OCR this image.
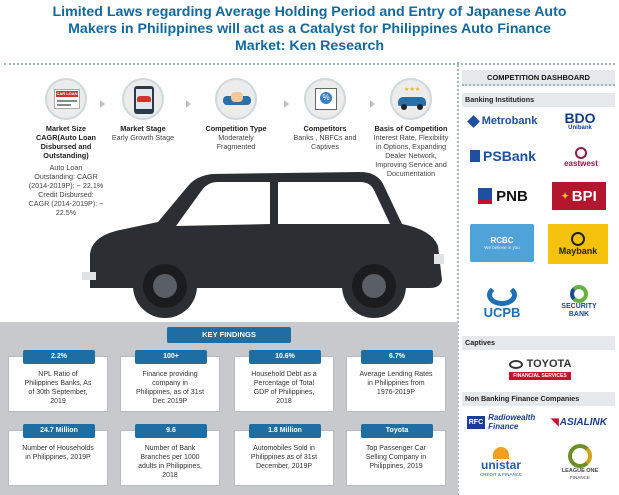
Limited Laws regarding Average Holding Period and Entry of Japanese Auto
Makers in Philippines will act as a Catalyst for Philippines Auto Finance
Market: Ken Research
CAR LOAN
Market Size
CAGR(Auto Loan
Disbursed and
Outstanding)
Auto Loan
Outstanding: CAGR
(2014-2019P): ~ 22.1%
Credit Disbursed:
CAGR (2014-2019P): ~
22.5%
Market Stage
Early Growth Stage
Competition Type
Moderately
Fragmented
%
Competitors
Banks , NBFCs and
Captives
★★★
Basis of Competition
Interest Rate, Flexibility
in Options, Expanding
Dealer Network,
Improving Service and
Documentation
KEY FINDINGS
2.2%
NPL Ratio of
Philippines Banks, As
of 30th September,
2019
100+
Finance providing
company in
Philippines, as of 31st
Dec 2019P
10.6%
Household Debt as a
Percentage of Total
GDP of Philippines,
2018
6.7%
Average Lending Rates
in Philippines from
1976-2019P
24.7 Million
Number of Households
in Philippines, 2019P
9.6
Number of Bank
Branches per 1000
adults in Philippines,
2018
1.8 Million
Automobiles Sold in
Philippines as of 31st
December, 2019P
Toyota
Top Passenger Car
Selling Company in
Philippines, 2019
COMPETITION DASHBOARD
Banking Institutions
Metrobank BDO
Unibank
PSBank	eastwest
PNB	✦ BPI
RCBC
We believe in you	Maybank
UCPB	SECURITY
BANK
Captives
TOYOTA
FINANCIAL SERVICES
Non Banking Finance Companies
RFC Radiowealth
Finance	◥ ASIALINK
unistar
CREDIT & FINANCE
LEAGUE ONE
FINANCE
